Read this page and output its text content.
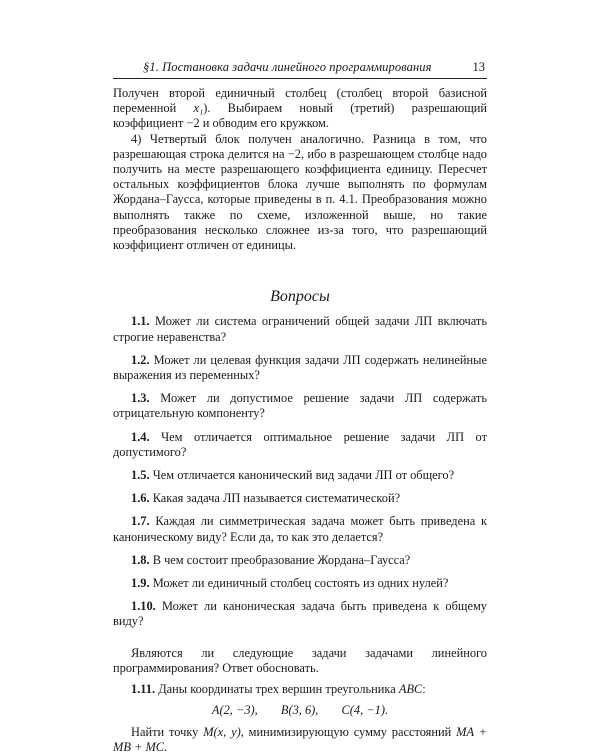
§1. Постановка задачи линейного программирования	13

Получен второй единичный столбец (столбец второй базисной переменной x₁). Выбираем новый (третий) разрешающий коэффициент −2 и обводим его кружком.

4) Четвертый блок получен аналогично. Разница в том, что разрешающая строка делится на −2, ибо в разрешающем столбце надо получить на месте разрешающего коэффициента единицу. Пересчет остальных коэффициентов блока лучше выполнять по формулам Жордана–Гаусса, которые приведены в п. 4.1. Преобразования можно выполнять также по схеме, изложенной выше, но такие преобразования несколько сложнее из-за того, что разрешающий коэффициент отличен от единицы.

Вопросы

1.1. Может ли система ограничений общей задачи ЛП включать строгие неравенства?

1.2. Может ли целевая функция задачи ЛП содержать нелинейные выражения из переменных?

1.3. Может ли допустимое решение задачи ЛП содержать отрицательную компоненту?

1.4. Чем отличается оптимальное решение задачи ЛП от допустимого?

1.5. Чем отличается канонический вид задачи ЛП от общего?

1.6. Какая задача ЛП называется систематической?

1.7. Каждая ли симметрическая задача может быть приведена к каноническому виду? Если да, то как это делается?

1.8. В чем состоит преобразование Жордана–Гаусса?

1.9. Может ли единичный столбец состоять из одних нулей?

1.10. Может ли каноническая задача быть приведена к общему виду?

Являются ли следующие задачи задачами линейного программирования? Ответ обосновать.

1.11. Даны координаты трех вершин треугольника ABC:

A(2, −3), B(3, 6), C(4, −1).

Найти точку M(x, y), минимизирующую сумму расстояний MA + MB + MC.
